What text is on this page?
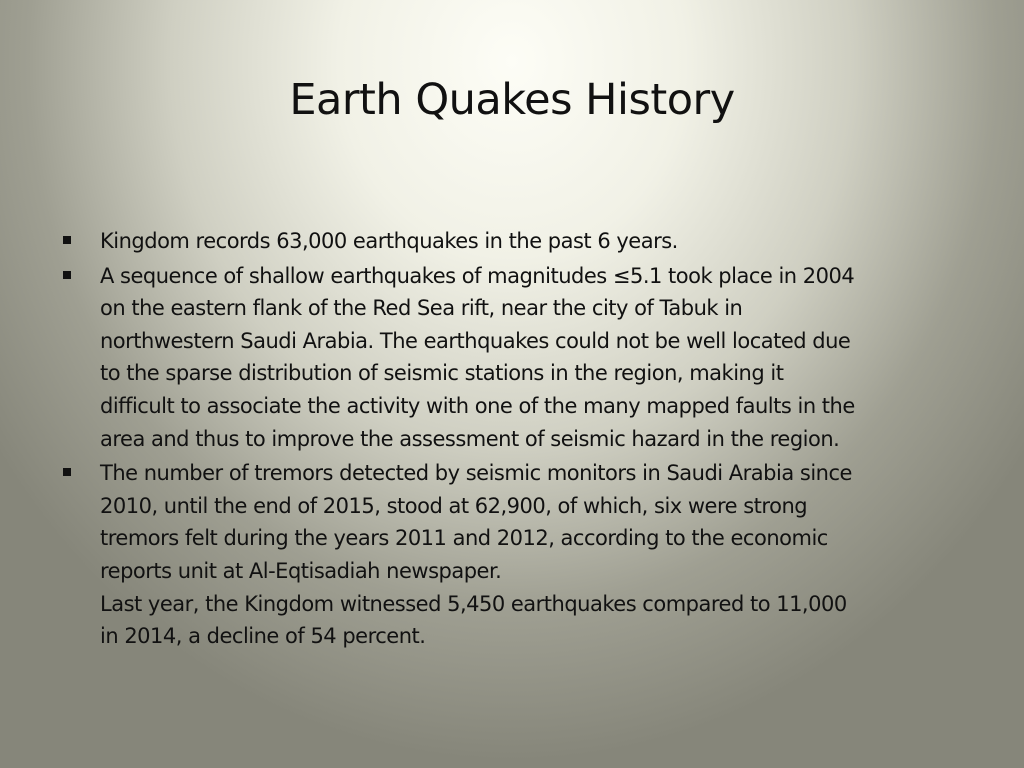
Earth Quakes History
Kingdom records 63,000 earthquakes in the past 6 years.
A sequence of shallow earthquakes of magnitudes ≤5.1 took place in 2004
on the eastern flank of the Red Sea rift, near the city of Tabuk in
northwestern Saudi Arabia. The earthquakes could not be well located due
to the sparse distribution of seismic stations in the region, making it
difficult to associate the activity with one of the many mapped faults in the
area and thus to improve the assessment of seismic hazard in the region.
The number of tremors detected by seismic monitors in Saudi Arabia since
2010, until the end of 2015, stood at 62,900, of which, six were strong
tremors felt during the years 2011 and 2012, according to the economic
reports unit at Al-Eqtisadiah newspaper.
Last year, the Kingdom witnessed 5,450 earthquakes compared to 11,000
in 2014, a decline of 54 percent.
